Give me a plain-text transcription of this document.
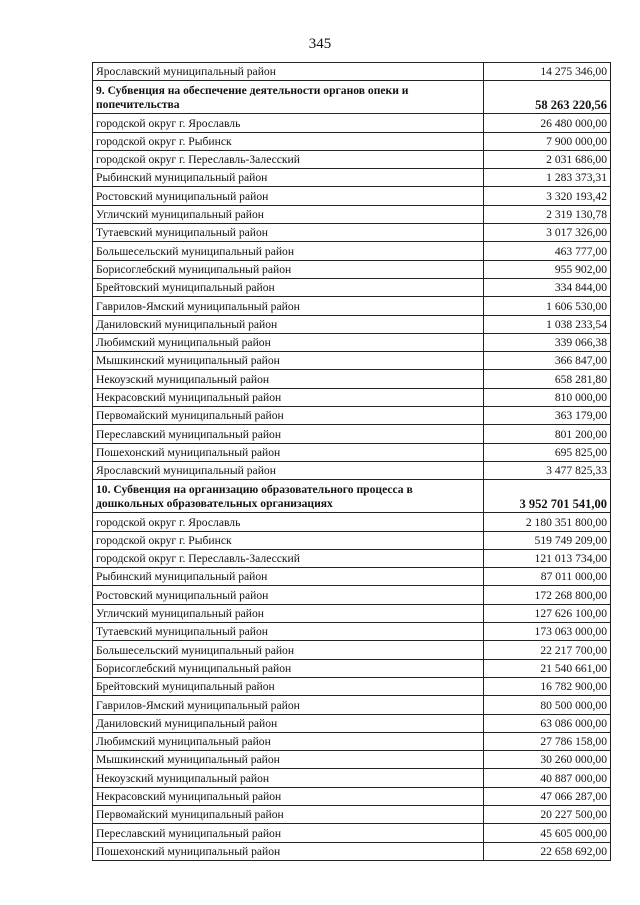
345
Ярославский муниципальный район	14 275 346,00
9. Субвенция на обеспечение деятельности органов опеки и попечительства	58 263 220,56
городской округ г. Ярославль	26 480 000,00
городской округ г. Рыбинск	7 900 000,00
городской округ г. Переславль-Залесский	2 031 686,00
Рыбинский муниципальный район	1 283 373,31
Ростовский муниципальный район	3 320 193,42
Угличский муниципальный район	2 319 130,78
Тутаевский муниципальный район	3 017 326,00
Большесельский муниципальный район	463 777,00
Борисоглебский муниципальный район	955 902,00
Брейтовский муниципальный район	334 844,00
Гаврилов-Ямский муниципальный район	1 606 530,00
Даниловский муниципальный район	1 038 233,54
Любимский муниципальный район	339 066,38
Мышкинский муниципальный район	366 847,00
Некоузский муниципальный район	658 281,80
Некрасовский муниципальный район	810 000,00
Первомайский муниципальный район	363 179,00
Переславский муниципальный район	801 200,00
Пошехонский муниципальный район	695 825,00
Ярославский муниципальный район	3 477 825,33
10. Субвенция на организацию образовательного процесса в дошкольных образовательных организациях	3 952 701 541,00
городской округ г. Ярославль	2 180 351 800,00
городской округ г. Рыбинск	519 749 209,00
городской округ г. Переславль-Залесский	121 013 734,00
Рыбинский муниципальный район	87 011 000,00
Ростовский муниципальный район	172 268 800,00
Угличский муниципальный район	127 626 100,00
Тутаевский муниципальный район	173 063 000,00
Большесельский муниципальный район	22 217 700,00
Борисоглебский муниципальный район	21 540 661,00
Брейтовский муниципальный район	16 782 900,00
Гаврилов-Ямский муниципальный район	80 500 000,00
Даниловский муниципальный район	63 086 000,00
Любимский муниципальный район	27 786 158,00
Мышкинский муниципальный район	30 260 000,00
Некоузский муниципальный район	40 887 000,00
Некрасовский муниципальный район	47 066 287,00
Первомайский муниципальный район	20 227 500,00
Переславский муниципальный район	45 605 000,00
Пошехонский муниципальный район	22 658 692,00
